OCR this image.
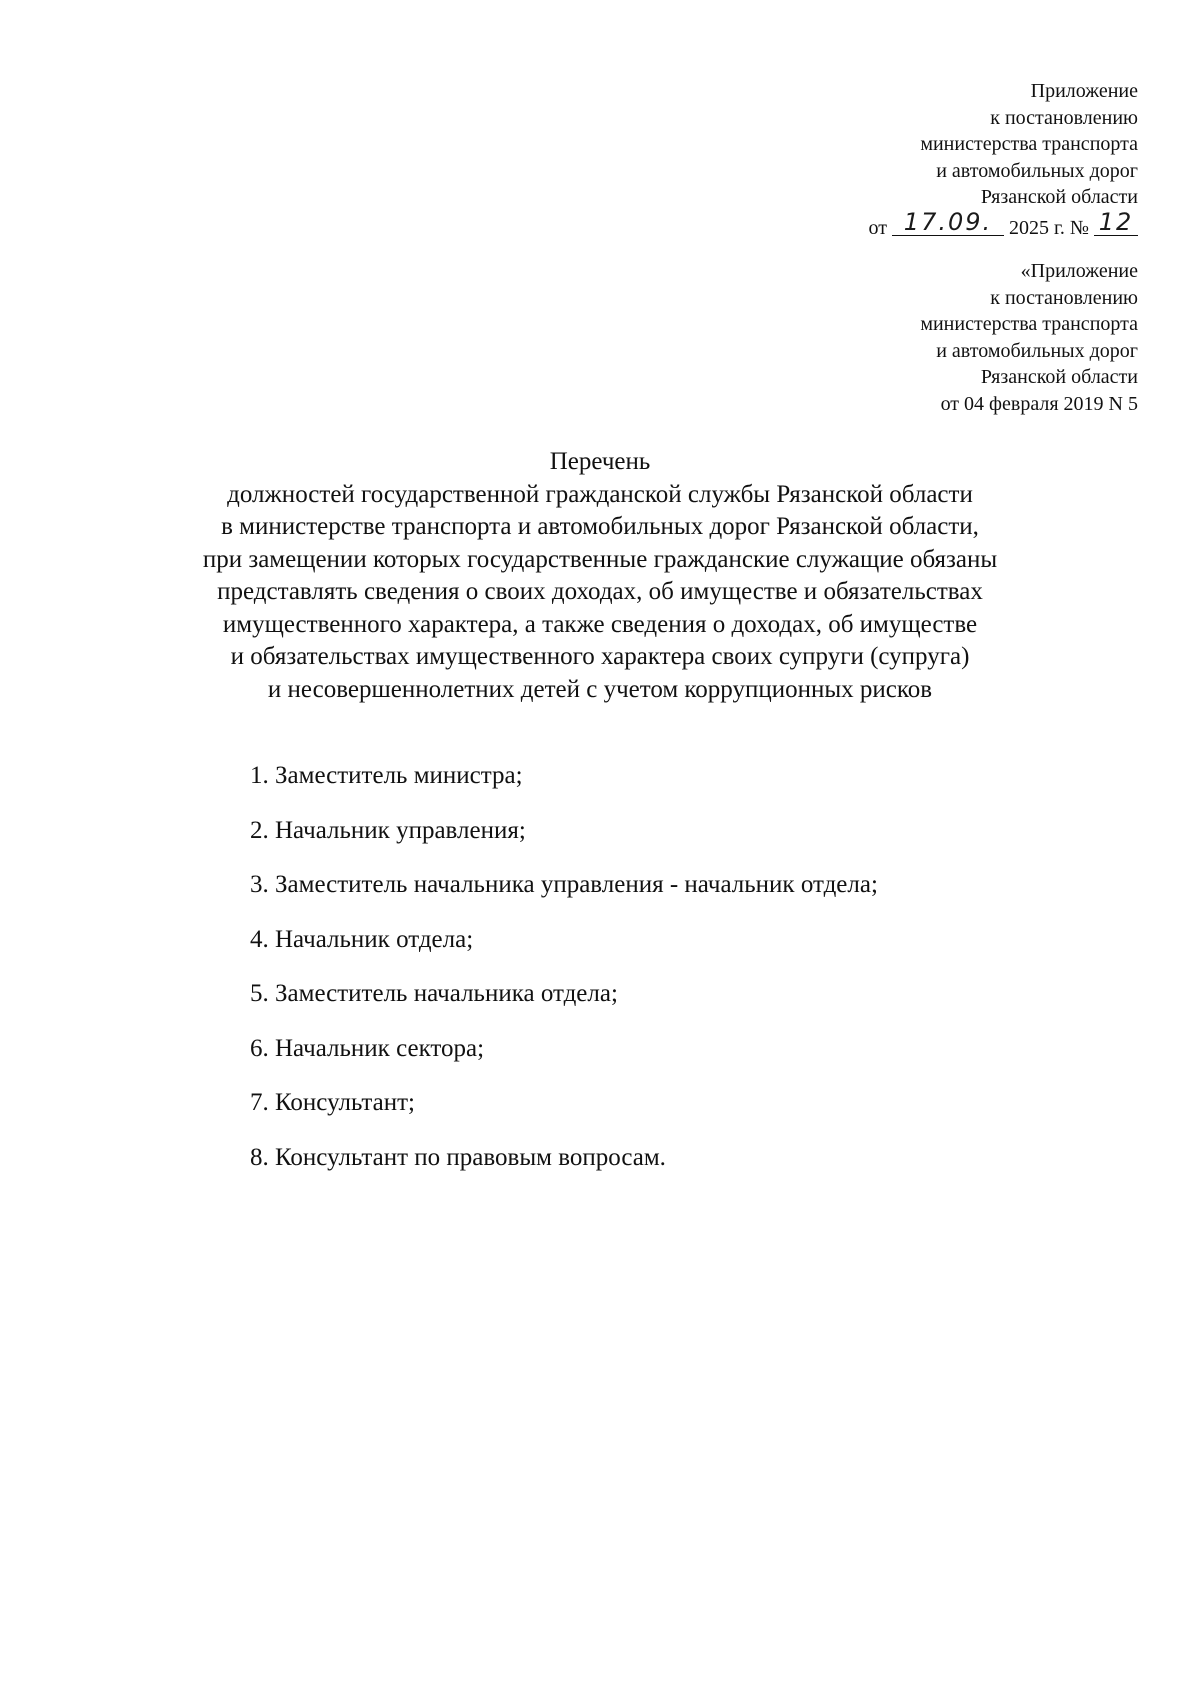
Приложение
к постановлению
министерства транспорта
и автомобильных дорог
Рязанской области
от 17.09. 2025 г. № 12
«Приложение
к постановлению
министерства транспорта
и автомобильных дорог
Рязанской области
от 04 февраля 2019 N 5
Перечень
должностей государственной гражданской службы Рязанской области
в министерстве транспорта и автомобильных дорог Рязанской области,
при замещении которых государственные гражданские служащие обязаны
представлять сведения о своих доходах, об имуществе и обязательствах
имущественного характера, а также сведения о доходах, об имуществе
и обязательствах имущественного характера своих супруги (супруга)
и несовершеннолетних детей с учетом коррупционных рисков
1. Заместитель министра;
2. Начальник управления;
3. Заместитель начальника управления - начальник отдела;
4. Начальник отдела;
5. Заместитель начальника отдела;
6. Начальник сектора;
7. Консультант;
8. Консультант по правовым вопросам.
